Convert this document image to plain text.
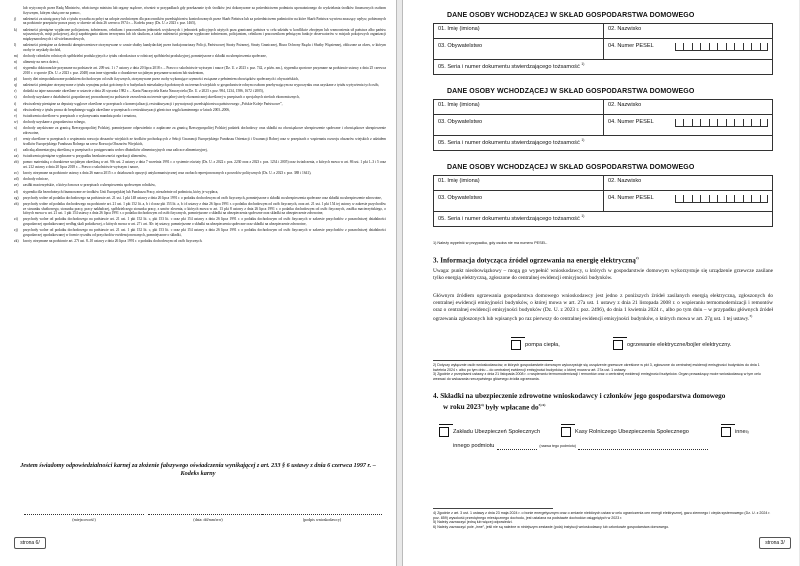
lub wytycznych przez Radę Ministrów, właściwego ministra lub organy rządowe, również w przypadkach gdy przekazanie tych środków jest dokonywane za pośrednictwem podmiotu upoważnionego do wydzielania środków finansowych osobom fizycznym, którym służą one na pomoc,
j)	należności za utratę pracy lub z tytułu ryczałtu za pobyt na urlopie zwolnionym dla pracowników przedsiębiorstw kontrolowanych przez Skarb Państwa lub za pośrednictwem podmiotów na które Skarb Państwa wywiera znaczący wpływ, pobieranych na podstawie przepisów prawa pracy w okresie od dnia 26 czerwca 1974 r. – Kodeks pracy (Dz. U. z 2023 r. poz. 1465),
k)	należności pieniężne wypłacone policjantom, żołnierzom, celnikom i pracownikom jednostek wojskowych i jednostek policyjnych użytych poza granicami państwa w celu udziału w konflikcie zbrojnym lub wzmocnienia sił państwa albo państw sojuszniczych, misji pokojowej, akcji zapobiegania aktom terroryzmu lub ich skutkom, a także należności pieniężne wypłacone żołnierzom, policjantom, celnikom i pracownikom pełniącym funkcje obserwatorów w misjach pokojowych organizacji międzynarodowych i sił wielonarodowych,
l)	należności pieniężne za dzienniki ubezpieczeniowe otrzymywane w czasie służby kandydackiej przez funkcjonariuszy Policji, Państwowej Straży Pożarnej, Straży Granicznej, Biura Ochrony Rządu i Służby Więziennej, obliczone za okres, w którym osoby te uzyskały dochód,
m)	dochody członków rolniczych spółdzielni produkcyjnych z tytułu członkostwa w rolniczej spółdzielni produkcyjnej, pomniejszone o składki na ubezpieczenia społeczne,
n)	alimenty na rzecz dzieci,
o)	stypendia doktoranckie przyznane na podstawie art. 209 ust. 1 i 7 ustawy z dnia 20 lipca 2018 r. – Prawo o szkolnictwie wyższym i nauce (Dz. U. z 2023 r. poz. 742, z późn. zm.), stypendia sportowe przyznane na podstawie ustawy z dnia 25 czerwca 2010 r. o sporcie (Dz. U. z 2023 r. poz. 2048) oraz inne stypendia o charakterze socjalnym przyznane uczniom lub studentom,
p)	kwoty diet nieopodatkowane podatkiem dochodowym od osób fizycznych, otrzymywane przez osoby wykonujące czynności związane z pełnieniem obowiązków społecznych i obywatelskich,
q)	należności pieniężne otrzymywane z tytułu wynajmu pokoi gościnnych w budynkach mieszkalnych położonych na terenach wiejskich w gospodarstwie rolnym osobom przebywającym na wypoczynku oraz uzyskane z tytułu wyżywienia tych osób,
r)	dodatki za tajne nauczanie określone w ustawie z dnia 26 stycznia 1982 r. – Karta Nauczyciela Karta Nauczyciela (Dz. U. z 2023 r. poz. 984, 1234, 1586, 1672 i 2005),
s)	dochody uzyskane z działalności gospodarczej prowadzonej na podstawie zezwolenia na terenie specjalnej strefy ekonomicznej określonej w przepisach o specjalnych strefach ekonomicznych,
t)	ekwiwalenty pieniężne za deputaty węglowe określone w przepisach o komercjalizacji, restrukturyzacji i prywatyzacji przedsiębiorstwa państwowego „Polskie Koleje Państwowe”,
u)	ekwiwalenty z tytułu prawa do bezpłatnego węgla określone w przepisach o restrukturyzacji górnictwa węgla kamiennego w latach 2003–2006,
v)	świadczenia określone w przepisach o wykonywaniu mandatu posła i senatora,
w)	dochody uzyskane z gospodarstwa rolnego,
x)	dochody uzyskiwane za granicą Rzeczypospolitej Polskiej, pomniejszone odpowiednio o zapłacone za granicą Rzeczypospolitej Polskiej podatek dochodowy oraz składki na obowiązkowe ubezpieczenie społeczne i obowiązkowe ubezpieczenie zdrowotne,
y)	renty określone w przepisach o wspieraniu rozwoju obszarów wiejskich ze środków pochodzących z Sekcji Gwarancji Europejskiego Funduszu Orientacji i Gwarancji Rolnej oraz w przepisach o wspieraniu rozwoju obszarów wiejskich z udziałem środków Europejskiego Funduszu Rolnego na rzecz Rozwoju Obszarów Wiejskich,
z)	zaliczkę alimentacyjną określoną w przepisach o postępowaniu wobec dłużników alimentacyjnych oraz zaliczce alimentacyjnej,
za)	świadczenia pieniężne wypłacane w przypadku bezskuteczności egzekucji alimentów,
zb)	pomoc materialną o charakterze socjalnym określoną w art. 90c ust. 2 ustawy z dnia 7 września 1991 r. o systemie oświaty (Dz. U. z 2022 r. poz. 2230 oraz z 2023 r. poz. 1234 i 2005) oraz świadczenia, o których mowa w art. 86 ust. 1 pkt 1–3 i 5 oraz art. 212 ustawy z dnia 20 lipca 2018 r. – Prawo o szkolnictwie wyższym i nauce,
zc)	kwoty otrzymane na podstawie ustawy z dnia 26 marca 2015 r. o działaczach opozycji antykomunistycznej oraz osobach represjonowanych z powodów politycznych (Dz. U. z 2023 r. poz. 388 i 1641),
zd)	dochody rolnicze,
ze)	zasiłki macierzyńskie, o których mowa w przepisach o ubezpieczeniu społecznym rolników,
zf)	stypendia dla bezrobotnych finansowane ze środków Unii Europejskiej lub Funduszu Pracy, niezależnie od podmiotu, który je wypłaca,
zg)	przychody wolne od podatku dochodowego na podstawie art. 21 ust. 1 pkt 148 ustawy z dnia 26 lipca 1991 r. o podatku dochodowym od osób fizycznych, pomniejszone o składki na ubezpieczenia społeczne oraz składki na ubezpieczenie zdrowotne,
zh)	przychody wolne od podatku dochodowego na podstawie art. 21 ust. 1 pkt 152 lit. a, b i d oraz pkt 153 lit. a, b i d ustawy z dnia 26 lipca 1991 r. o podatku dochodowym od osób fizycznych, oraz art. 21 ust. 1 pkt 154 tej ustawy w zakresie przychodów ze stosunku służbowego, stosunku pracy, pracy nakładczej, spółdzielczego stosunku pracy, z umów zlecenia, o których mowa w art. 13 pkt 8 ustawy z dnia 26 lipca 1991 r. o podatku dochodowym od osób fizycznych, zasiłku macierzyńskiego, o których mowa w art. 21 ust. 1 pkt 154 ustawy z dnia 26 lipca 1991 r. o podatku dochodowym od osób fizycznych, pomniejszone o składki na ubezpieczenia społeczne oraz składki na ubezpieczenie zdrowotne,
zi)	przychody wolne od podatku dochodowego na podstawie art. 21 ust. 1 pkt 152 lit. c, pkt 153 lit. c oraz pkt 154 ustawy z dnia 26 lipca 1991 r. o podatku dochodowym od osób fizycznych w zakresie przychodów z pozarolniczej działalności gospodarczej opodatkowanej według skali podatkowej, o których mowa w art. 27 i art. 30c tej ustawy, pomniejszone o składki na ubezpieczenia społeczne oraz składki na ubezpieczenie zdrowotne,
zj)	przychody wolne od podatku dochodowego na podstawie art. 21 ust. 1 pkt 152 lit. c, pkt 153 lit. c oraz pkt 154 ustawy z dnia 26 lipca 1991 r. o podatku dochodowym od osób fizycznych w zakresie przychodów z pozarolniczej działalności gospodarczej opodatkowanej w formie ryczałtu od przychodów ewidencjonowanych, pomniejszone o składki,
zk)	kwoty otrzymane na podstawie art. 27f ust. 8–10 ustawy z dnia 26 lipca 1991 r. o podatku dochodowym od osób fizycznych.
Jestem świadomy odpowiedzialności karnej za złożenie fałszywego oświadczenia wynikającej z art. 233 § 6 ustawy z dnia 6 czerwca 1997 r. – Kodeks karny
(miejscowość)	(data: dd/mm/rrrr)	(podpis wnioskodawcy)
strona 6/
DANE OSOBY WCHODZĄCEJ W SKŁAD GOSPODARSTWA DOMOWEGO
01. Imię (imiona)	02. Nazwisko
03. Obywatelstwo	04. Numer PESEL
05. Seria i numer dokumentu stwierdzającego tożsamość $^{1)}$
DANE OSOBY WCHODZĄCEJ W SKŁAD GOSPODARSTWA DOMOWEGO
01. Imię (imiona)	02. Nazwisko
03. Obywatelstwo	04. Numer PESEL
05. Seria i numer dokumentu stwierdzającego tożsamość $^{1)}$
DANE OSOBY WCHODZĄCEJ W SKŁAD GOSPODARSTWA DOMOWEGO
01. Imię (imiona)	02. Nazwisko
03. Obywatelstwo	04. Numer PESEL
05. Seria i numer dokumentu stwierdzającego tożsamość $^{1)}$
1) Należy wypełnić w przypadku, gdy osoba nie ma numeru PESEL.
3. Informacja dotycząca źródeł ogrzewania na energię elektryczną$^{2)}$
Uwaga: punkt nieobowiązkowy – mogą go wypełnić wnioskodawcy, u których w gospodarstwie domowym wykorzystuje się urządzenie grzewcze zasilane tylko energią elektryczną, zgłoszone do centralnej ewidencji emisyjności budynków.
Głównym źródłem ogrzewania gospodarstwa domowego wnioskodawcy jest jedno z poniższych źródeł zasilanych energią elektryczną, zgłoszonych do centralnej ewidencji emisyjności budynków, o której mowa w art. 27a ust. 1 ustawy z dnia 21 listopada 2008 r. o wspieraniu termomodernizacji i remontów oraz o centralnej ewidencji emisyjności budynków (Dz. U. z 2023 r. poz. 2496), do dnia 1 kwietnia 2024 r., albo po tym dniu – w przypadku głównych źródeł ogrzewania zgłoszonych lub wpisanych po raz pierwszy do centralnej ewidencji emisyjności budynków, o których mowa w art. 27g ust. 1 tej ustawy.$^{3)}$
pompa ciepła,	ogrzewanie elektryczne/bojler elektryczny.
2) Dotyczy wyłącznie osób wnioskodawców, w których gospodarstwie domowym wykorzystuje się urządzenie grzewcze określone w pkt 3, zgłoszone do centralnej ewidencji emisyjności budynków do dnia 1 kwietnia 2024 r. albo po tym dniu – do centralnej ewidencji emisyjności budynków, o której mowa w art. 27a ust. 1 ustawy.
3) Zgodnie z przepisami ustawy z dnia 21 listopada 2008 r. o wspieraniu termomodernizacji i remontów oraz o centralnej ewidencji emisyjności budynków. Organ prowadzący może wnioskodawcę w tym celu wezwać do wskazania rzeczywistego głównego źródła ogrzewania.
4. Składki na ubezpieczenie zdrowotne wnioskodawcy i członków jego gospodarstwa domowego
w roku 2023$^{4)}$ były wpłacane $do^{5) 6)}$
Zakładu Ubezpieczeń Społecznych	Kasy Rolniczego Ubezpieczenia Społecznego	inne 5)
innego podmiotu	(nazwa tego podmiotu)
4) Zgodnie z art. 3 ust. 1 ustawy z dnia 23 maja 2024 r. o bonie energetycznym oraz o zmianie niektórych ustaw w celu ograniczenia cen energii elektrycznej, gazu ziemnego i ciepła systemowego (Dz. U. z 2024 r. poz. 859) wysokość przeciętnego miesięcznego dochodu, jest ustalana na podstawie dochodów osiągniętych w 2023 r.
5) Należy zaznaczyć jedną lub więcej odpowiedzi.
6) Należy zaznaczyć pole „inne”, jeśli nie są należne w niniejszym zestawie (pola) instytucji wnioskodawcy lub członkowie gospodarstwa domowego.
strona 3/
